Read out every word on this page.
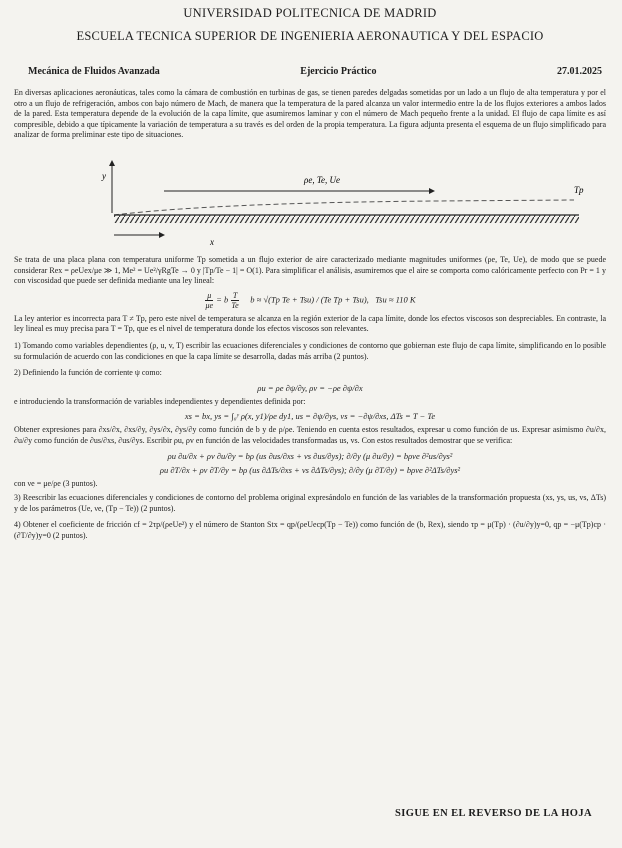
UNIVERSIDAD POLITECNICA DE MADRID
ESCUELA TECNICA SUPERIOR DE INGENIERIA AERONAUTICA Y DEL ESPACIO
Mecánica de Fluidos Avanzada	Ejercicio Práctico	27.01.2025

En diversas aplicaciones aeronáuticas, tales como la cámara de combustión en turbinas de gas, se tienen paredes delgadas sometidas por un lado a un flujo de alta temperatura y por el otro a un flujo de refrigeración, ambos con bajo número de Mach, de manera que la temperatura de la pared alcanza un valor intermedio entre la de los flujos exteriores a ambos lados de la pared. Esta temperatura depende de la evolución de la capa límite, que asumiremos laminar y con el número de Mach pequeño frente a la unidad. El flujo de capa límite es así compresible, debido a que típicamente la variación de temperatura a su través es del orden de la propia temperatura. La figura adjunta presenta el esquema de un flujo simplificado para analizar de forma preliminar este tipo de situaciones.

y	ρe, Te, Ue
Tp
x

Se trata de una placa plana con temperatura uniforme Tp sometida a un flujo exterior de aire caracterizado mediante magnitudes uniformes (ρe, Te, Ue), de modo que se puede considerar Rex = ρeUex/μe ≫ 1, Me² = Ue²/γRgTe → 0 y |Tp/Te − 1| = O(1). Para simplificar el análisis, asumiremos que el aire se comporta como calóricamente perfecto con Pr = 1 y con viscosidad que puede ser definida mediante una ley lineal:

$\frac{\mu}{\mu e} = b \frac{T}{Te}$ b ≈ √(Tp Te + Tsu) / (Te Tp + Tsu), Tsu ≈ 110 K

La ley anterior es incorrecta para T ≠ Tp, pero este nivel de temperatura se alcanza en la región exterior de la capa límite, donde los efectos viscosos son despreciables. En contraste, la ley lineal es muy precisa para T = Tp, que es el nivel de temperatura donde los efectos viscosos son relevantes.

1) Tomando como variables dependientes (ρ, u, v, T) escribir las ecuaciones diferenciales y condiciones de contorno que gobiernan este flujo de capa límite, simplificando en lo posible su formulación de acuerdo con las condiciones en que la capa límite se desarrolla, dadas más arriba (2 puntos).

2) Definiendo la función de corriente ψ como:

ρu = ρe ∂ψ/∂y, ρv = −ρe ∂ψ/∂x

e introduciendo la transformación de variables independientes y dependientes definida por:

xs = bx, ys = ∫₀ʸ ρ(x, y1)/ρe dy1, us = ∂ψ/∂ys, vs = −∂ψ/∂xs, ΔTs = T − Te

Obtener expresiones para ∂xs/∂x, ∂xs/∂y, ∂ys/∂x, ∂ys/∂y como función de b y de ρ/ρe. Teniendo en cuenta estos resultados, expresar u como función de us. Expresar asimismo ∂u/∂x, ∂u/∂y como función de ∂us/∂xs, ∂us/∂ys. Escribir ρu, ρv en función de las velocidades transformadas us, vs. Con estos resultados demostrar que se verifica:

ρu ∂u/∂x + ρv ∂u/∂y = bρ (us ∂us/∂xs + vs ∂us/∂ys); ∂/∂y (μ ∂u/∂y) = bρνe ∂²us/∂ys²
ρu ∂T/∂x + ρv ∂T/∂y = bρ (us ∂ΔTs/∂xs + vs ∂ΔTs/∂ys); ∂/∂y (μ ∂T/∂y) = bρνe ∂²ΔTs/∂ys²

con νe = μe/ρe (3 puntos).

3) Reescribir las ecuaciones diferenciales y condiciones de contorno del problema original expresándolo en función de las variables de la transformación propuesta (xs, ys, us, vs, ΔTs) y de los parámetros (Ue, νe, (Tp − Te)) (2 puntos).

4) Obtener el coeficiente de fricción cf = 2τp/(ρeUe²) y el número de Stanton Stx = qp/(ρeUecp(Tp − Te)) como función de (b, Rex), siendo τp = μ(Tp) · (∂u/∂y)y=0, qp = −μ(Tp)cp · (∂T/∂y)y=0 (2 puntos).

SIGUE EN EL REVERSO DE LA HOJA
